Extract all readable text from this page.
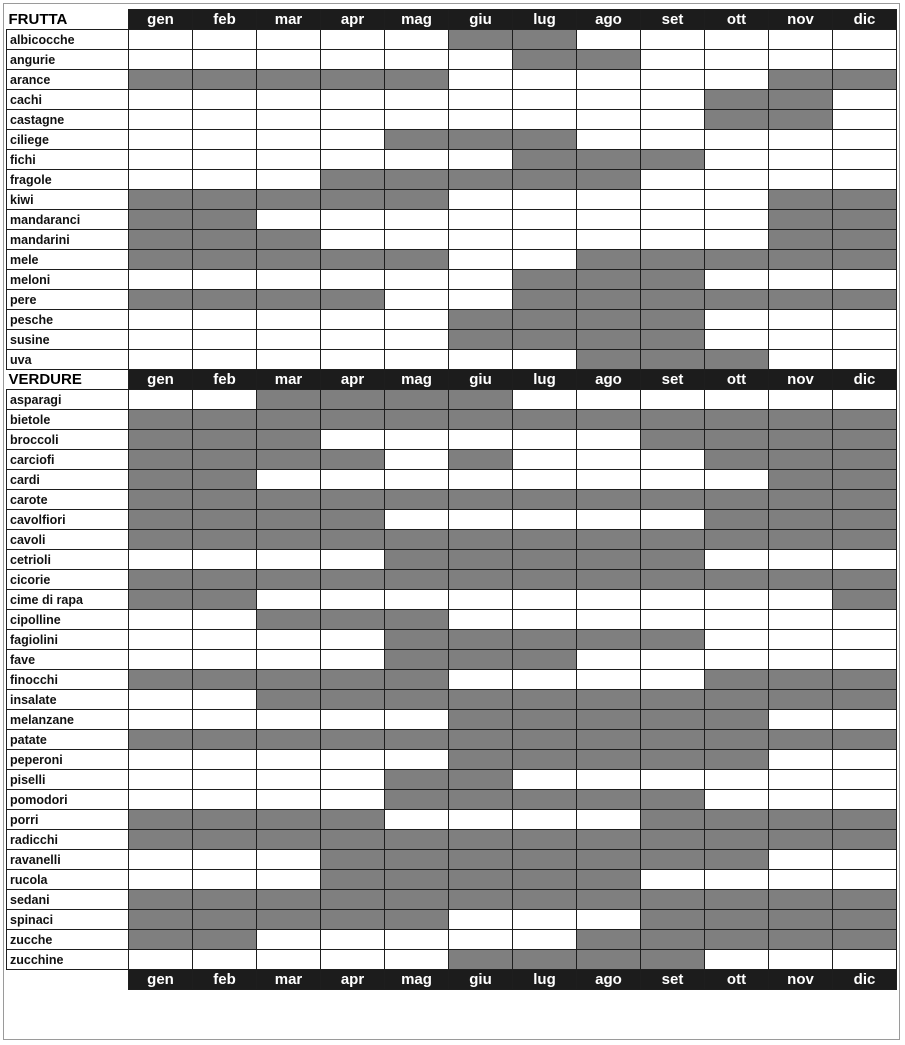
FRUTTA	gen	feb	mar	apr	mag	giu	lug	ago	set	ott	nov	dic
albicocche												
angurie												
arance												
cachi												
castagne												
ciliege												
fichi												
fragole												
kiwi												
mandaranci												
mandarini												
mele												
meloni												
pere												
pesche												
susine												
uva												
VERDURE	gen	feb	mar	apr	mag	giu	lug	ago	set	ott	nov	dic
asparagi												
bietole												
broccoli												
carciofi												
cardi												
carote												
cavolfiori												
cavoli												
cetrioli												
cicorie												
cime di rapa												
cipolline												
fagiolini												
fave												
finocchi												
insalate												
melanzane												
patate												
peperoni												
piselli												
pomodori												
porri												
radicchi												
ravanelli												
rucola												
sedani												
spinaci												
zucche												
zucchine												
	gen	feb	mar	apr	mag	giu	lug	ago	set	ott	nov	dic
